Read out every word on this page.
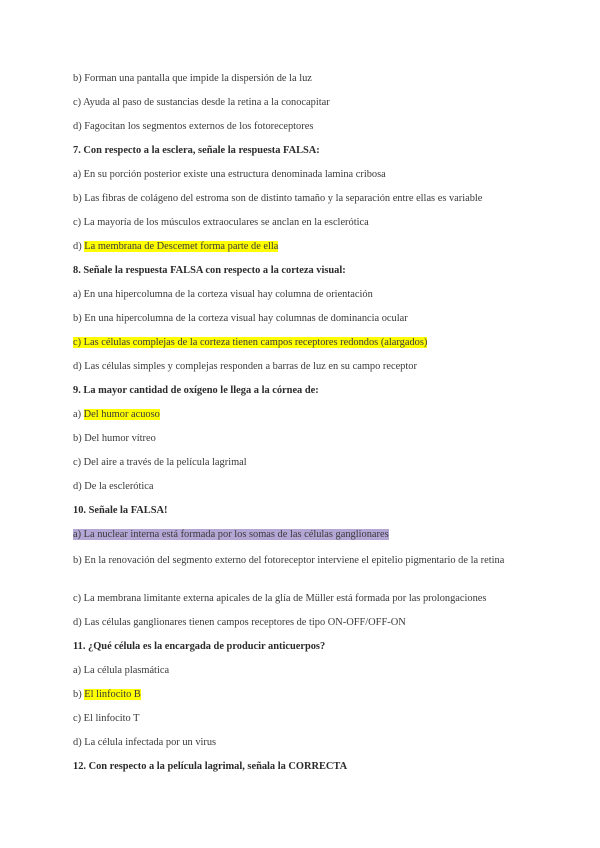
b) Forman una pantalla que impide la dispersión de la luz
c) Ayuda al paso de sustancias desde la retina a la conocapitar
d) Fagocitan los segmentos externos de los fotoreceptores
7. Con respecto a la esclera, señale la respuesta FALSA:
a) En su porción posterior existe una estructura denominada lamina cribosa
b) Las fibras de colágeno del estroma son de distinto tamaño y la separación entre ellas es variable
c) La mayoría de los músculos extraoculares se anclan en la esclerótica
d) La membrana de Descemet forma parte de ella
8. Señale la respuesta FALSA con respecto a la corteza visual:
a) En una hipercolumna de la corteza visual hay columna de orientación
b) En una hipercolumna de la corteza visual hay columnas de dominancia ocular
c) Las células complejas de la corteza tienen campos receptores redondos (alargados)
d) Las células simples y complejas responden a barras de luz en su campo receptor
9. La mayor cantidad de oxígeno le llega a la córnea de:
a) Del humor acuoso
b) Del humor vítreo
c) Del aire a través de la película lagrimal
d) De la esclerótica
10. Señale la FALSA!
a) La nuclear interna está formada por los somas de las células ganglionares
b) En la renovación del segmento externo del fotoreceptor interviene el epitelio pigmentario de la retina
c) La membrana limitante externa apicales de la glía de Müller está formada por las prolongaciones
d) Las células ganglionares tienen campos receptores de tipo ON-OFF/OFF-ON
11. ¿Qué célula es la encargada de producir anticuerpos?
a) La célula plasmática
b) El linfocito B
c) El linfocito T
d) La célula infectada por un virus
12. Con respecto a la película lagrimal, señala la CORRECTA
